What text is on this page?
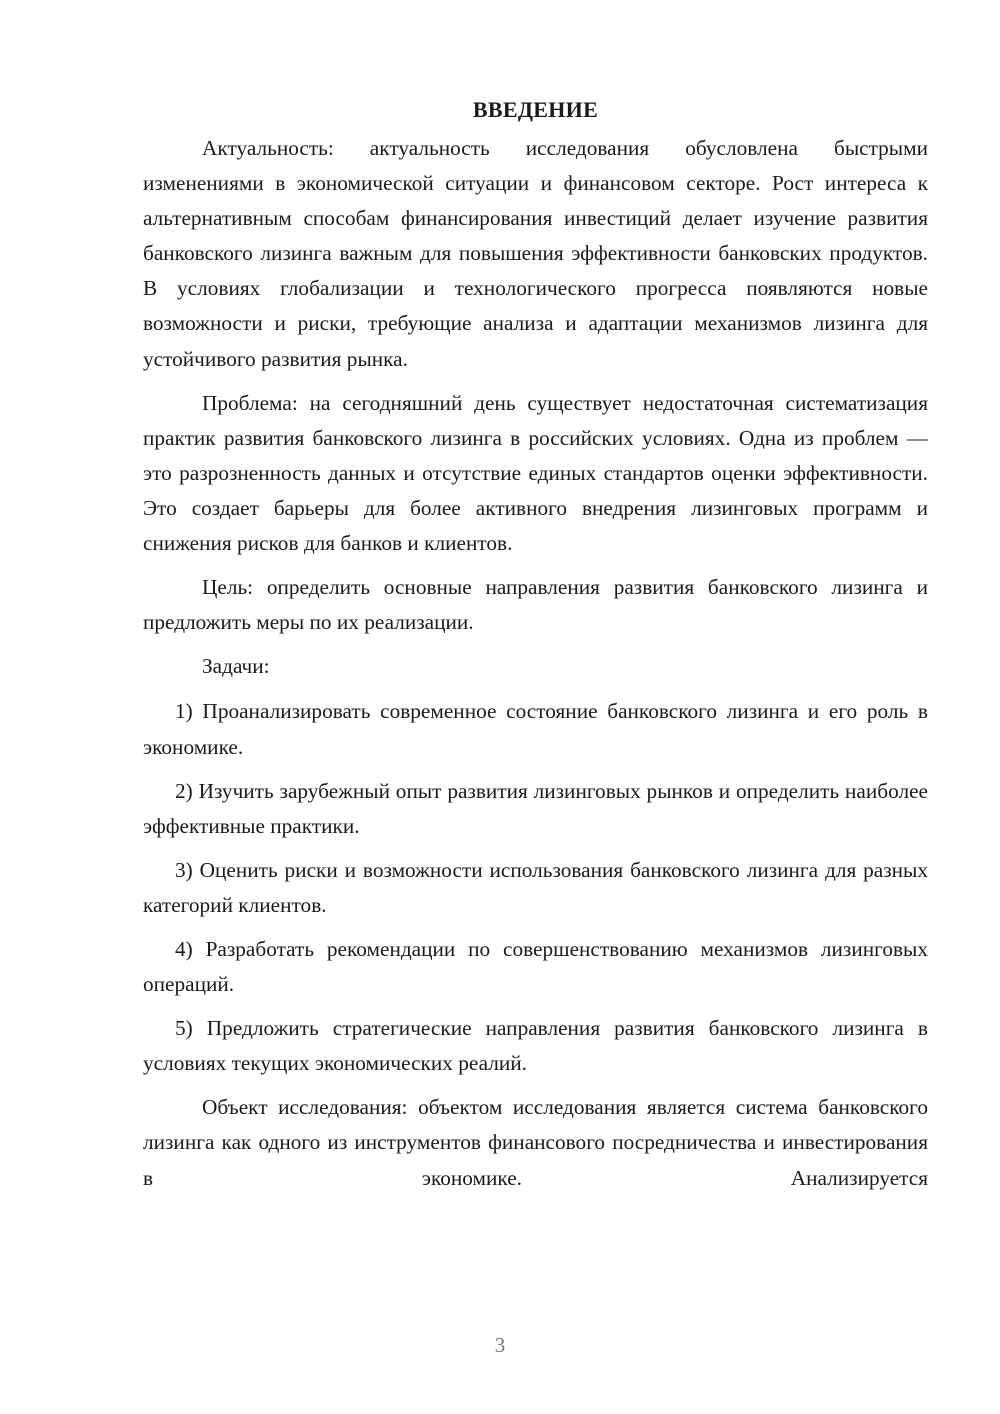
ВВЕДЕНИЕ

Актуальность: актуальность исследования обусловлена быстрыми изменениями в экономической ситуации и финансовом секторе. Рост интереса к альтернативным способам финансирования инвестиций делает изучение развития банковского лизинга важным для повышения эффективности банковских продуктов. В условиях глобализации и технологического прогресса появляются новые возможности и риски, требующие анализа и адаптации механизмов лизинга для устойчивого развития рынка.

Проблема: на сегодняшний день существует недостаточная систематизация практик развития банковского лизинга в российских условиях. Одна из проблем — это разрозненность данных и отсутствие единых стандартов оценки эффективности. Это создает барьеры для более активного внедрения лизинговых программ и снижения рисков для банков и клиентов.

Цель: определить основные направления развития банковского лизинга и предложить меры по их реализации.

Задачи:

1) Проанализировать современное состояние банковского лизинга и его роль в экономике.

2) Изучить зарубежный опыт развития лизинговых рынков и определить наиболее эффективные практики.

3) Оценить риски и возможности использования банковского лизинга для разных категорий клиентов.

4) Разработать рекомендации по совершенствованию механизмов лизинговых операций.

5) Предложить стратегические направления развития банковского лизинга в условиях текущих экономических реалий.

Объект исследования: объектом исследования является система банковского лизинга как одного из инструментов финансового посредничества и инвестирования в экономике. Анализируется

3
